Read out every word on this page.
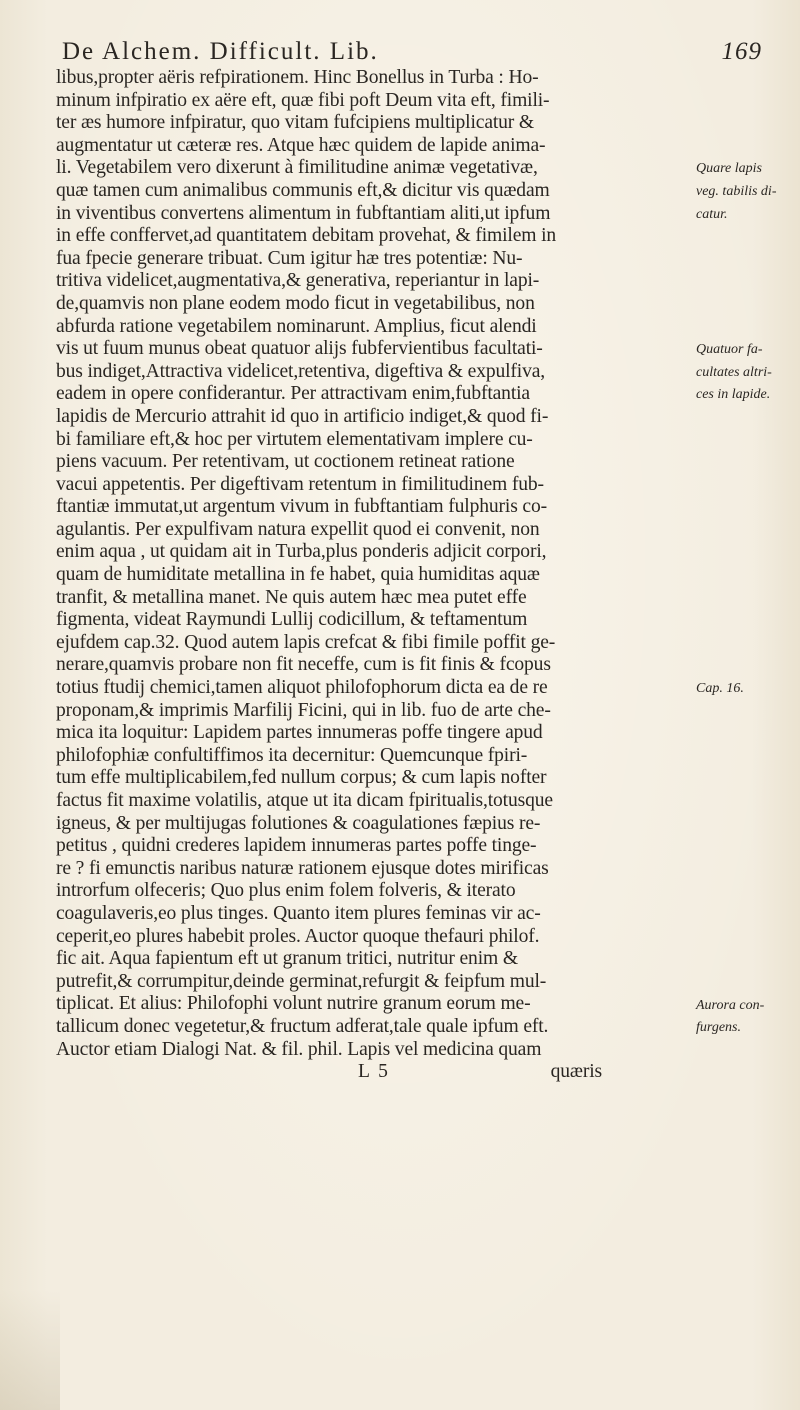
De Alchem. Difficult. Lib.	169
libus,propter aëris refpirationem. Hinc Bonellus in Turba : Ho-
minum infpiratio ex aëre eft, quæ fibi poft Deum vita eft, fimili-
ter æs humore infpiratur, quo vitam fufcipiens multiplicatur &
augmentatur ut cæteræ res. Atque hæc quidem de lapide anima-
li. Vegetabilem vero dixerunt à fimilitudine animæ vegetativæ,
quæ tamen cum animalibus communis eft,& dicitur vis quædam
in viventibus convertens alimentum in fubftantiam aliti,ut ipfum
in effe conffervet,ad quantitatem debitam provehat, & fimilem in
fua fpecie generare tribuat. Cum igitur hæ tres potentiæ: Nu-
tritiva videlicet,augmentativa,& generativa, reperiantur in lapi-
de,quamvis non plane eodem modo ficut in vegetabilibus, non
abfurda ratione vegetabilem nominarunt. Amplius, ficut alendi
vis ut fuum munus obeat quatuor alijs fubfervientibus facultati-
bus indiget,Attractiva videlicet,retentiva, digeftiva & expulfiva,
eadem in opere confiderantur. Per attractivam enim,fubftantia
lapidis de Mercurio attrahit id quo in artificio indiget,& quod fi-
bi familiare eft,& hoc per virtutem elementativam implere cu-
piens vacuum. Per retentivam, ut coctionem retineat ratione
vacui appetentis. Per digeftivam retentum in fimilitudinem fub-
ftantiæ immutat,ut argentum vivum in fubftantiam fulphuris co-
agulantis. Per expulfivam natura expellit quod ei convenit, non
enim aqua , ut quidam ait in Turba,plus ponderis adjicit corpori,
quam de humiditate metallina in fe habet, quia humiditas aquæ
tranfit, & metallina manet. Ne quis autem hæc mea putet effe
figmenta, videat Raymundi Lullij codicillum, & teftamentum
ejufdem cap.32. Quod autem lapis crefcat & fibi fimile poffit ge-
nerare,quamvis probare non fit neceffe, cum is fit finis & fcopus
totius ftudij chemici,tamen aliquot philofophorum dicta ea de re
proponam,& imprimis Marfilij Ficini, qui in lib. fuo de arte che-
mica ita loquitur: Lapidem partes innumeras poffe tingere apud
philofophiæ confultiffimos ita decernitur: Quemcunque fpiri-
tum effe multiplicabilem,fed nullum corpus; & cum lapis nofter
factus fit maxime volatilis, atque ut ita dicam fpiritualis,totusque
igneus, & per multijugas folutiones & coagulationes fæpius re-
petitus , quidni crederes lapidem innumeras partes poffe tinge-
re ? fi emunctis naribus naturæ rationem ejusque dotes mirificas
introrfum olfeceris; Quo plus enim folem folveris, & iterato
coagulaveris,eo plus tinges. Quanto item plures feminas vir ac-
ceperit,eo plures habebit proles. Auctor quoque thefauri philof.
fic ait. Aqua fapientum eft ut granum tritici, nutritur enim &
putrefit,& corrumpitur,deinde germinat,refurgit & feipfum mul-
tiplicat. Et alius: Philofophi volunt nutrire granum eorum me-
tallicum donec vegetetur,& fructum adferat,tale quale ipfum eft.
Auctor etiam Dialogi Nat. & fil. phil. Lapis vel medicina quam
L 5	quæris
Quare lapis
veg. tabilis di-
catur.
Quatuor fa-
cultates altri-
ces in lapide.
Cap. 16.
Aurora con-
furgens.
